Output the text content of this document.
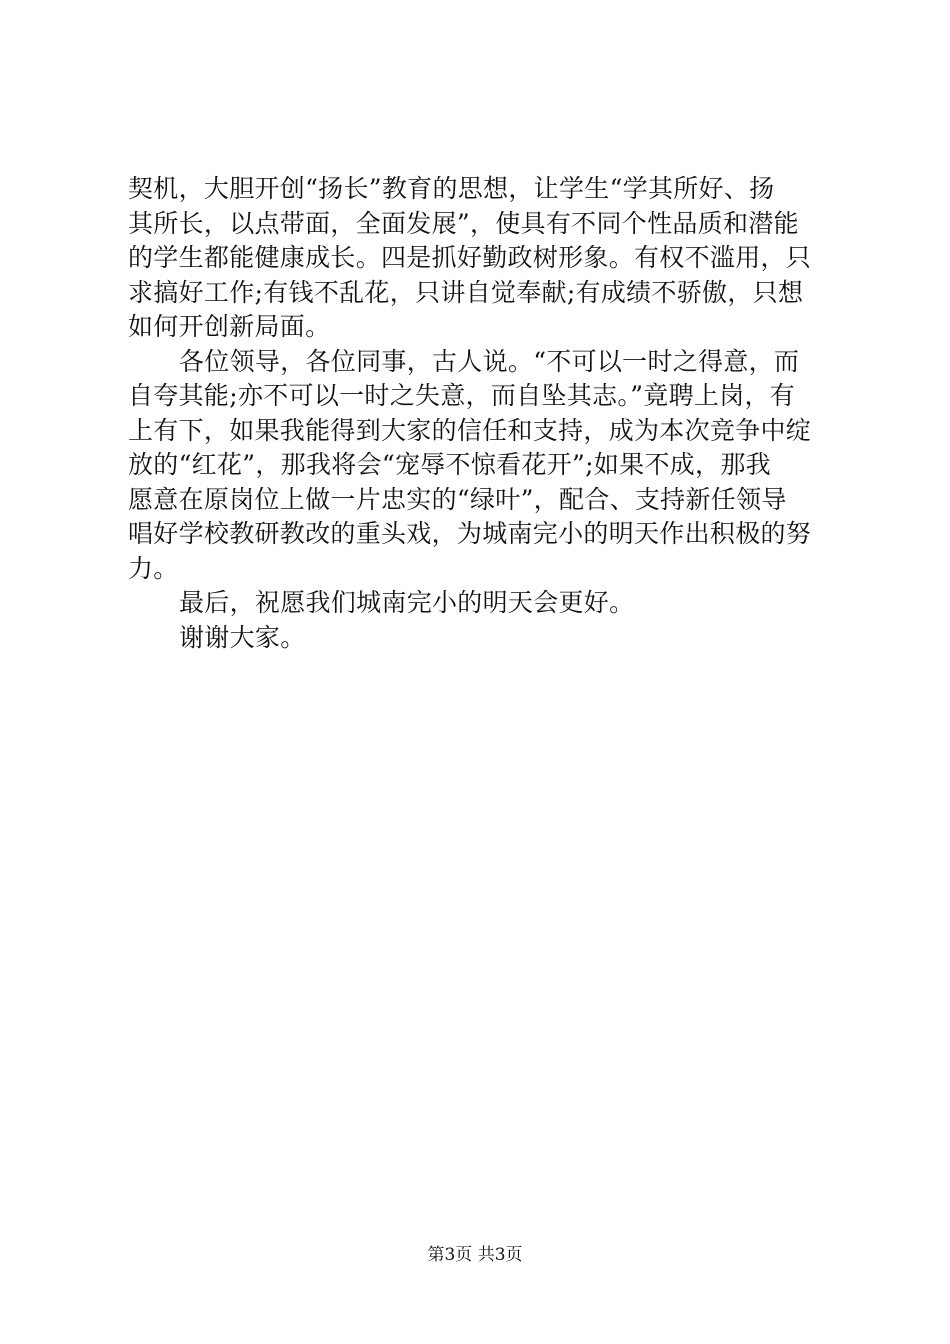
契机，大胆开创“扬长”教育的思想，让学生“学其所好、扬
其所长，以点带面，全面发展”，使具有不同个性品质和潜能
的学生都能健康成长。四是抓好勤政树形象。有权不滥用，只
求搞好工作;有钱不乱花，只讲自觉奉献;有成绩不骄傲，只想
如何开创新局面。
各位领导，各位同事，古人说。“不可以一时之得意，而
自夸其能;亦不可以一时之失意，而自坠其志。”竟聘上岗，有
上有下，如果我能得到大家的信任和支持，成为本次竞争中绽
放的“红花”，那我将会“宠辱不惊看花开”;如果不成，那我
愿意在原岗位上做一片忠实的“绿叶”，配合、支持新任领导
唱好学校教研教改的重头戏，为城南完小的明天作出积极的努
力。
最后，祝愿我们城南完小的明天会更好。
谢谢大家。
第3页 共3页
